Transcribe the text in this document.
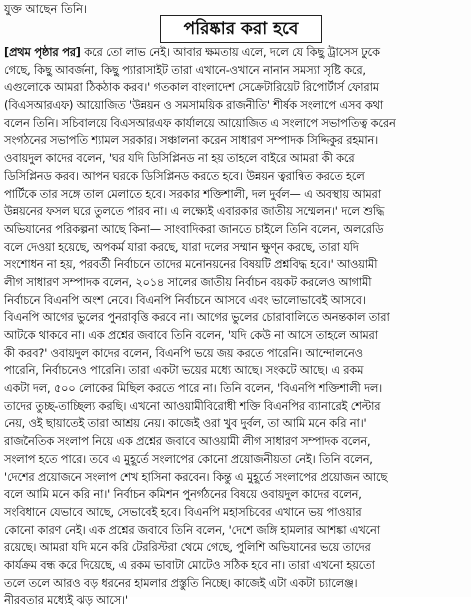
যুক্ত আছেন তিনি।
পরিষ্কার করা হবে
[প্রথম পৃষ্ঠার পর] করে তো লাভ নেই। আবার ক্ষমতায় এলে, দলে যে কিছু ট্রাসেস ঢুকে
গেছে, কিছু আবর্জনা, কিছু প্যারাসাইট তারা এখানে-ওখানে নানান সমস্যা সৃষ্টি করে,
এগুলোকে আমরা ঠিকঠাক করব।' গতকাল বাংলাদেশ সেক্রেটারিয়েট রিপোর্টার্স ফোরাম
(বিএসআরএফ) আয়োজিত 'উন্নয়ন ও সমসাময়িক রাজনীতি' শীর্ষক সংলাপে এসব কথা
বলেন তিনি। সচিবালয়ে বিএসআরএফ কার্যালয়ে আয়োজিত এ সংলাপে সভাপতিত্ব করেন
সংগঠনের সভাপতি শ্যামল সরকার। সঞ্চালনা করেন সাধারণ সম্পাদক সিদ্দিকুর রহমান।
ওবায়দুল কাদের বলেন, 'ঘর যদি ডিসিপ্লিনড না হয় তাহলে বাইরে আমরা কী করে
ডিসিপ্লিনড করব। আপন ঘরকে ডিসিপ্লিনড করতে হবে। উন্নয়ন ত্বরান্বিত করতে হলে
পার্টিকে তার সঙ্গে তাল মেলাতে হবে। সরকার শক্তিশালী, দল দুর্বল— এ অবস্থায় আমরা
উন্নয়নের ফসল ঘরে তুলতে পারব না। এ লক্ষ্যেই এবারকার জাতীয় সম্মেলন।' দলে শুদ্ধি
অভিযানের পরিকল্পনা আছে কিনা— সাংবাদিকরা জানতে চাইলে তিনি বলেন, অলরেডি
বলে দেওয়া হয়েছে, অপকর্ম যারা করছে, যারা দলের সম্মান ক্ষুণ্ন করছে, তারা যদি
সংশোধন না হয়, পরবর্তী নির্বাচনে তাদের মনোনয়নের বিষয়টি প্রশ্নবিদ্ধ হবে।' আওয়ামী
লীগ সাধারণ সম্পাদক বলেন, ২০১৪ সালের জাতীয় নির্বাচন বয়কট করলেও আগামী
নির্বাচনে বিএনপি অংশ নেবে। বিএনপি নির্বাচনে আসবে এবং ভালোভাবেই আসবে।
বিএনপি আগের ভুলের পুনরাবৃত্তি করবে না। আগের ভুলের চোরাবালিতে অনন্তকাল তারা
আটকে থাকবে না। এক প্রশ্নের জবাবে তিনি বলেন, 'যদি কেউ না আসে তাহলে আমরা
কী করব?' ওবায়দুল কাদের বলেন, বিএনপি ভয়ে জয় করতে পারেনি। আন্দোলনেও
পারেনি, নির্বাচনেও পারেনি। তারা একটা ভয়ের মধ্যে আছে। সংকটে আছে। এ রকম
একটা দল, ৫০০ লোকের মিছিল করতে পারে না। তিনি বলেন, 'বিএনপি শক্তিশালী দল।
তাদের তুচ্ছ-তাচ্ছিল্য করছি। এখনো আওয়ামীবিরোধী শক্তি বিএনপির ব্যানারেই শেল্টার
নেয়, ওই ছায়াতেই তারা আশ্রয় নেয়। কাজেই ওরা খুব দুর্বল, তা আমি মনে করি না।'
রাজনৈতিক সংলাপ নিয়ে এক প্রশ্নের জবাবে আওয়ামী লীগ সাধারণ সম্পাদক বলেন,
সংলাপ হতে পারে। তবে এ মুহূর্তে সংলাপের কোনো প্রয়োজনীয়তা নেই। তিনি বলেন,
'দেশের প্রয়োজনে সংলাপ শেখ হাসিনা করবেন। কিন্তু এ মুহূর্তে সংলাপের প্রয়োজন আছে
বলে আমি মনে করি না।' নির্বাচন কমিশন পুনর্গঠনের বিষয়ে ওবায়দুল কাদের বলেন,
সংবিধানে যেভাবে আছে, সেভাবেই হবে। বিএনপি মহাসচিবের এখানে ভয় পাওয়ার
কোনো কারণ নেই। এক প্রশ্নের জবাবে তিনি বলেন, 'দেশে জঙ্গি হামলার আশঙ্কা এখনো
রয়েছে। আমরা যদি মনে করি টেররিস্টরা থেমে গেছে, পুলিশি অভিযানের ভয়ে তাদের
কার্যক্রম বন্ধ করে দিয়েছে, এ রকম ভাবাটা মোটেও সঠিক হবে না। তারা এখনো হয়তো
তলে তলে আরও বড় ধরনের হামলার প্রস্তুতি নিচ্ছে। কাজেই এটা একটা চ্যালেঞ্জ।
নীরবতার মধ্যেই ঝড় আসে।'
